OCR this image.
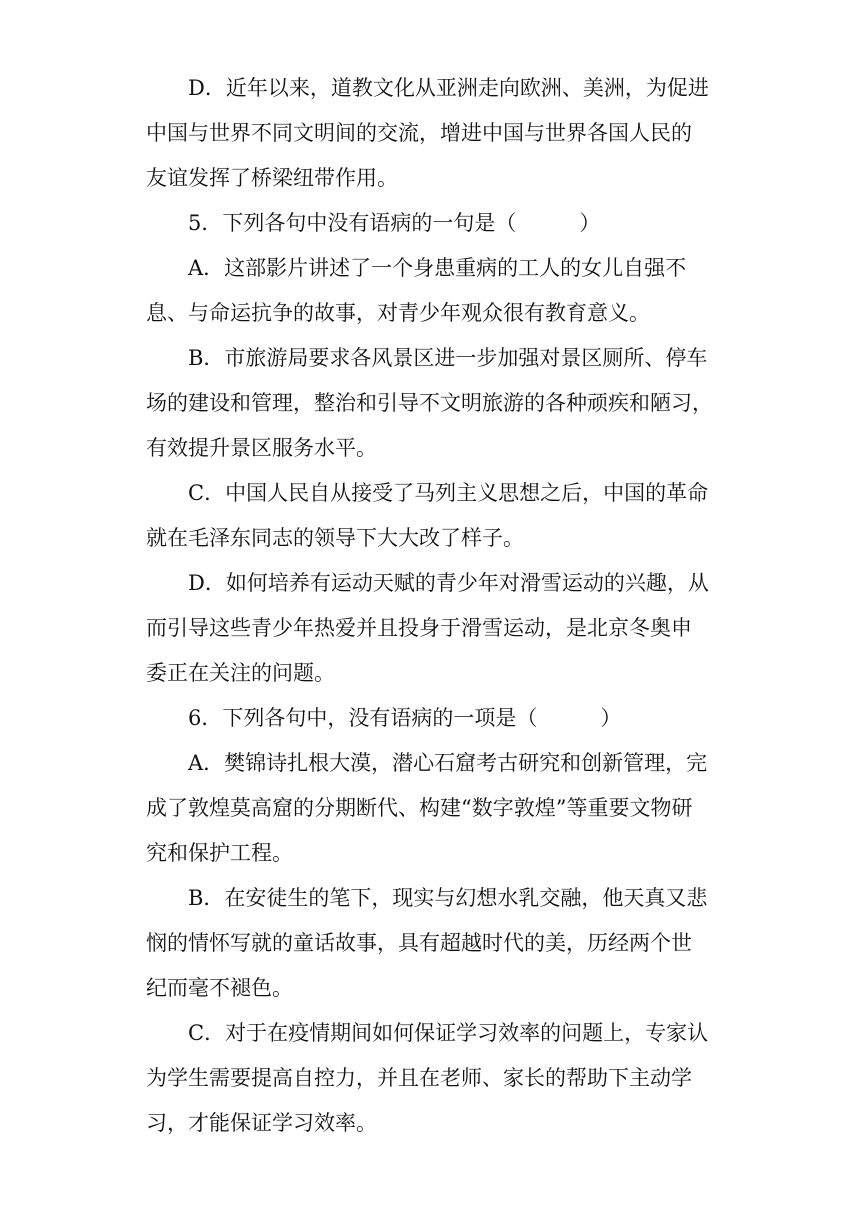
D．近年以来，道教文化从亚洲走向欧洲、美洲，为促进
中国与世界不同文明间的交流，增进中国与世界各国人民的
友谊发挥了桥梁纽带作用。
5．下列各句中没有语病的一句是（　　　）
A．这部影片讲述了一个身患重病的工人的女儿自强不
息、与命运抗争的故事，对青少年观众很有教育意义。
B．市旅游局要求各风景区进一步加强对景区厕所、停车
场的建设和管理，整治和引导不文明旅游的各种顽疾和陋习，
有效提升景区服务水平。
C．中国人民自从接受了马列主义思想之后，中国的革命
就在毛泽东同志的领导下大大改了样子。
D．如何培养有运动天赋的青少年对滑雪运动的兴趣，从
而引导这些青少年热爱并且投身于滑雪运动，是北京冬奥申
委正在关注的问题。
6．下列各句中，没有语病的一项是（　　　）
A．樊锦诗扎根大漠，潜心石窟考古研究和创新管理，完
成了敦煌莫高窟的分期断代、构建“数字敦煌”等重要文物研
究和保护工程。
B．在安徒生的笔下，现实与幻想水乳交融，他天真又悲
悯的情怀写就的童话故事，具有超越时代的美，历经两个世
纪而毫不褪色。
C．对于在疫情期间如何保证学习效率的问题上，专家认
为学生需要提高自控力，并且在老师、家长的帮助下主动学
习，才能保证学习效率。
